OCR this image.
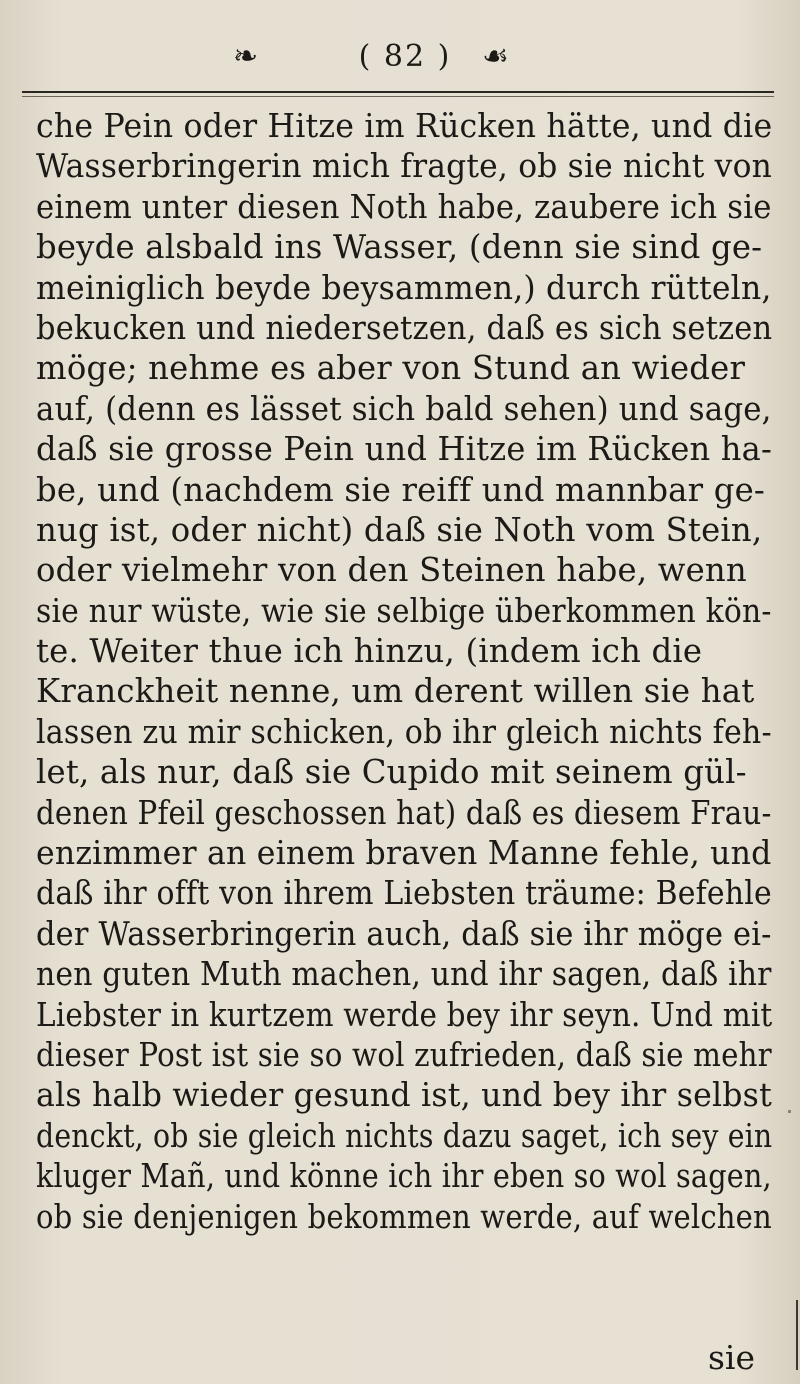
❧	( 82 ) ☙
che Pein oder Hitze im Rücken hätte, und die
Wasserbringerin mich fragte, ob sie nicht von
einem unter diesen Noth habe, zaubere ich sie
beyde alsbald ins Wasser, (denn sie sind ge-
meiniglich beyde beysammen,) durch rütteln,
bekucken und niedersetzen, daß es sich setzen
möge; nehme es aber von Stund an wieder
auf, (denn es lässet sich bald sehen) und sage,
daß sie grosse Pein und Hitze im Rücken ha-
be, und (nachdem sie reiff und mannbar ge-
nug ist, oder nicht) daß sie Noth vom Stein,
oder vielmehr von den Steinen habe, wenn
sie nur wüste, wie sie selbige überkommen kön-
te. Weiter thue ich hinzu, (indem ich die
Kranckheit nenne, um derent willen sie hat
lassen zu mir schicken, ob ihr gleich nichts feh-
let, als nur, daß sie Cupido mit seinem gül-
denen Pfeil geschossen hat) daß es diesem Frau-
enzimmer an einem braven Manne fehle, und
daß ihr offt von ihrem Liebsten träume: Befehle
der Wasserbringerin auch, daß sie ihr möge ei-
nen guten Muth machen, und ihr sagen, daß ihr
Liebster in kurtzem werde bey ihr seyn. Und mit
dieser Post ist sie so wol zufrieden, daß sie mehr
als halb wieder gesund ist, und bey ihr selbst
denckt, ob sie gleich nichts dazu saget, ich sey ein
kluger Mañ, und könne ich ihr eben so wol sagen,
ob sie denjenigen bekommen werde, auf welchen
sie
